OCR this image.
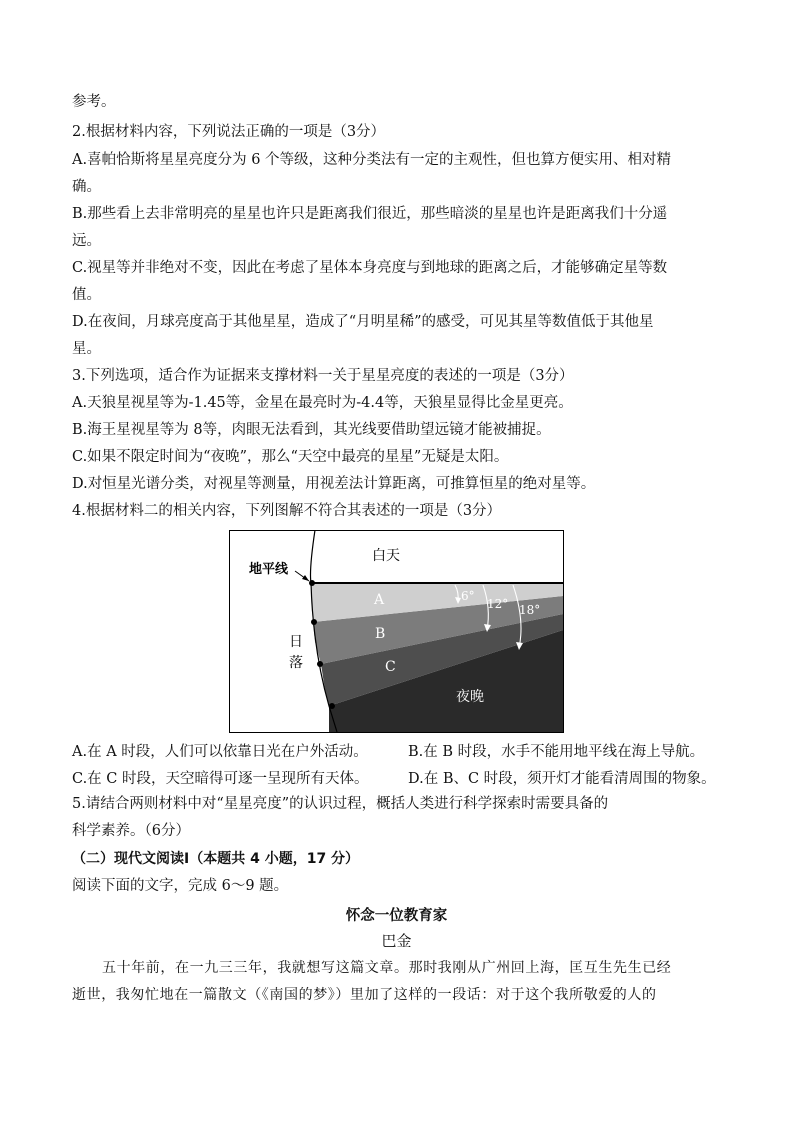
参考。
2.根据材料内容，下列说法正确的一项是（3分）
A.喜帕恰斯将星星亮度分为 6 个等级，这种分类法有一定的主观性，但也算方便实用、相对精
确。
B.那些看上去非常明亮的星星也许只是距离我们很近，那些暗淡的星星也许是距离我们十分遥
远。
C.视星等并非绝对不变，因此在考虑了星体本身亮度与到地球的距离之后，才能够确定星等数
值。
D.在夜间，月球亮度高于其他星星，造成了“月明星稀”的感受，可见其星等数值低于其他星
星。
3.下列选项，适合作为证据来支撑材料一关于星星亮度的表述的一项是（3分）
A.天狼星视星等为-1.45等，金星在最亮时为-4.4等，天狼星显得比金星更亮。
B.海王星视星等为 8等，肉眼无法看到，其光线要借助望远镜才能被捕捉。
C.如果不限定时间为“夜晚”，那么“天空中最亮的星星”无疑是太阳。
D.对恒星光谱分类，对视星等测量，用视差法计算距离，可推算恒星的绝对星等。
4.根据材料二的相关内容，下列图解不符合其表述的一项是（3分）
地平线
白天
日
落
A
B
C
夜晚
6°
12° 18°
A.在 A 时段，人们可以依靠日光在户外活动。	B.在 B 时段，水手不能用地平线在海上导航。
C.在 C 时段，天空暗得可逐一呈现所有天体。	D.在 B、C 时段，须开灯才能看清周围的物象。
5.请结合两则材料中对“星星亮度”的认识过程，概括人类进行科学探索时需要具备的
科学素养。（6分）
（二）现代文阅读Ⅰ（本题共 4 小题，17 分）
阅读下面的文字，完成 6～9 题。
怀念一位教育家
巴金
五十年前，在一九三三年，我就想写这篇文章。那时我刚从广州回上海，匡互生先生已经
逝世，我匆忙地在一篇散文（《南国的梦》）里加了这样的一段话：对于这个我所敬爱的人的
